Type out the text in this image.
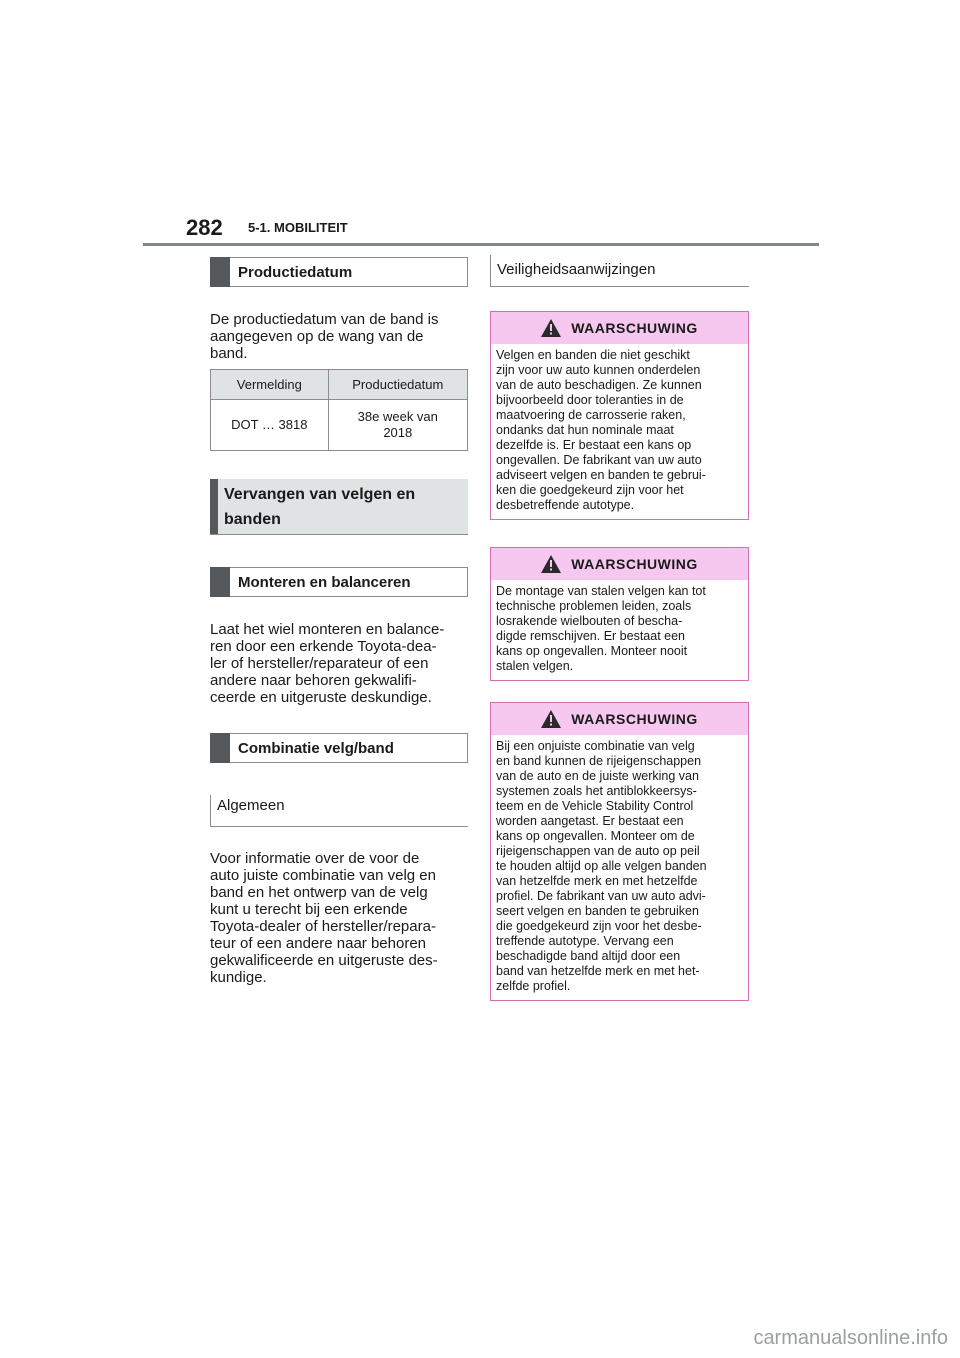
282 5-1. MOBILITEIT
Productiedatum

De productiedatum van de band is

aangegeven op de wang van de

band.

Vermelding	Productiedatum
DOT … 3818	38e week van
2018
Vervangen van velgen en
banden
Monteren en balanceren

Laat het wiel monteren en balance-

ren door een erkende Toyota-dea-

ler of hersteller/reparateur of een

andere naar behoren gekwalifi-

ceerde en uitgeruste deskundige.

Combinatie velg/band
Algemeen

Voor informatie over de voor de

auto juiste combinatie van velg en

band en het ontwerp van de velg

kunt u terecht bij een erkende

Toyota-dealer of hersteller/repara-

teur of een andere naar behoren

gekwalificeerde en uitgeruste des-

kundige.

Veiligheidsaanwijzingen
WAARSCHUWING

Velgen en banden die niet geschikt

zijn voor uw auto kunnen onderdelen

van de auto beschadigen. Ze kunnen

bijvoorbeeld door toleranties in de

maatvoering de carrosserie raken,

ondanks dat hun nominale maat

dezelfde is. Er bestaat een kans op

ongevallen. De fabrikant van uw auto

adviseert velgen en banden te gebrui-

ken die goedgekeurd zijn voor het

desbetreffende autotype.

WAARSCHUWING

De montage van stalen velgen kan tot

technische problemen leiden, zoals

losrakende wielbouten of bescha-

digde remschijven. Er bestaat een

kans op ongevallen. Monteer nooit

stalen velgen.

WAARSCHUWING

Bij een onjuiste combinatie van velg

en band kunnen de rijeigenschappen

van de auto en de juiste werking van

systemen zoals het antiblokkeersys-

teem en de Vehicle Stability Control

worden aangetast. Er bestaat een

kans op ongevallen. Monteer om de

rijeigenschappen van de auto op peil

te houden altijd op alle velgen banden

van hetzelfde merk en met hetzelfde

profiel. De fabrikant van uw auto advi-

seert velgen en banden te gebruiken

die goedgekeurd zijn voor het desbe-

treffende autotype. Vervang een

beschadigde band altijd door een

band van hetzelfde merk en met het-

zelfde profiel.

carmanualsonline.info
